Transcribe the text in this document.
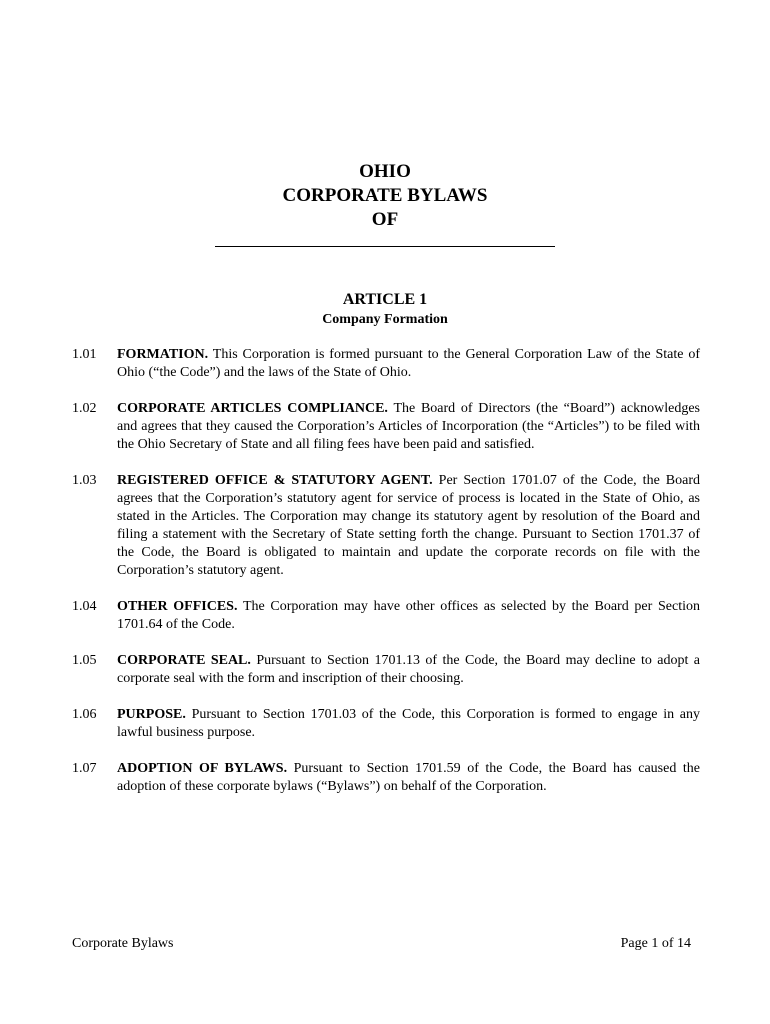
OHIO
CORPORATE BYLAWS
OF
ARTICLE 1
Company Formation
1.01 FORMATION. This Corporation is formed pursuant to the General Corporation Law of the State of Ohio (“the Code”) and the laws of the State of Ohio.
1.02 CORPORATE ARTICLES COMPLIANCE. The Board of Directors (the “Board”) acknowledges and agrees that they caused the Corporation’s Articles of Incorporation (the “Articles”) to be filed with the Ohio Secretary of State and all filing fees have been paid and satisfied.
1.03 REGISTERED OFFICE & STATUTORY AGENT. Per Section 1701.07 of the Code, the Board agrees that the Corporation’s statutory agent for service of process is located in the State of Ohio, as stated in the Articles. The Corporation may change its statutory agent by resolution of the Board and filing a statement with the Secretary of State setting forth the change. Pursuant to Section 1701.37 of the Code, the Board is obligated to maintain and update the corporate records on file with the Corporation’s statutory agent.
1.04 OTHER OFFICES. The Corporation may have other offices as selected by the Board per Section 1701.64 of the Code.
1.05 CORPORATE SEAL. Pursuant to Section 1701.13 of the Code, the Board may decline to adopt a corporate seal with the form and inscription of their choosing.
1.06 PURPOSE. Pursuant to Section 1701.03 of the Code, this Corporation is formed to engage in any lawful business purpose.
1.07 ADOPTION OF BYLAWS. Pursuant to Section 1701.59 of the Code, the Board has caused the adoption of these corporate bylaws (“Bylaws”) on behalf of the Corporation.
Corporate Bylaws	Page 1 of 14
